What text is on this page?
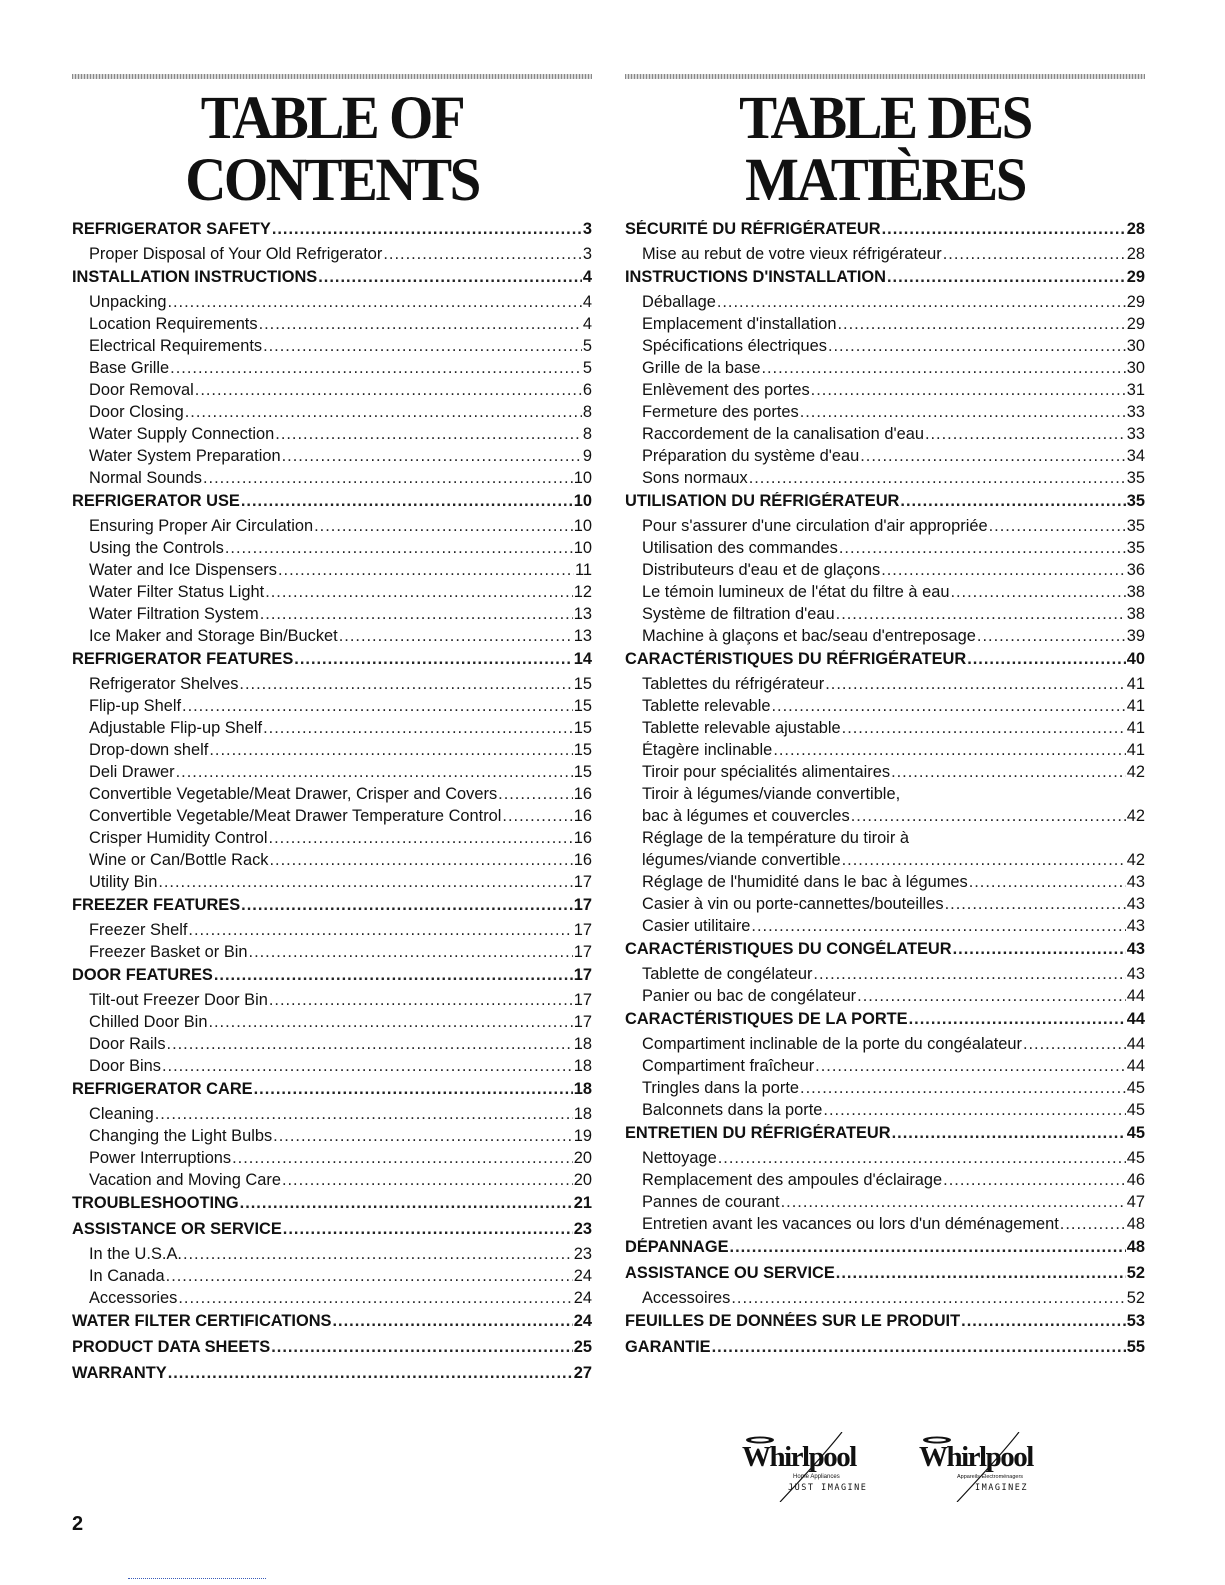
TABLE OF CONTENTS
REFRIGERATOR SAFETY .....	3
Proper Disposal of Your Old Refrigerator .....	3
INSTALLATION INSTRUCTIONS .....	4
Unpacking .....	4
Location Requirements .....	4
Electrical Requirements .....	5
Base Grille .....	5
Door Removal .....	6
Door Closing .....	8
Water Supply Connection .....	8
Water System Preparation .....	9
Normal Sounds .....	10
REFRIGERATOR USE .....	10
Ensuring Proper Air Circulation .....	10
Using the Controls .....	10
Water and Ice Dispensers .....	11
Water Filter Status Light .....	12
Water Filtration System .....	13
Ice Maker and Storage Bin/Bucket .....	13
REFRIGERATOR FEATURES .....	14
Refrigerator Shelves .....	15
Flip-up Shelf .....	15
Adjustable Flip-up Shelf .....	15
Drop-down shelf .....	15
Deli Drawer .....	15
Convertible Vegetable/Meat Drawer, Crisper and Covers .....	16
Convertible Vegetable/Meat Drawer Temperature Control .....	16
Crisper Humidity Control .....	16
Wine or Can/Bottle Rack .....	16
Utility Bin .....	17
FREEZER FEATURES .....	17
Freezer Shelf .....	17
Freezer Basket or Bin .....	17
DOOR FEATURES .....	17
Tilt-out Freezer Door Bin .....	17
Chilled Door Bin .....	17
Door Rails .....	18
Door Bins .....	18
REFRIGERATOR CARE .....	18
Cleaning .....	18
Changing the Light Bulbs .....	19
Power Interruptions .....	20
Vacation and Moving Care .....	20
TROUBLESHOOTING .....	21
ASSISTANCE OR SERVICE .....	23
In the U.S.A. .....	23
In Canada .....	24
Accessories .....	24
WATER FILTER CERTIFICATIONS .....	24
PRODUCT DATA SHEETS .....	25
WARRANTY .....	27
TABLE DES MATIÈRES
SÉCURITÉ DU RÉFRIGÉRATEUR .....	28
Mise au rebut de votre vieux réfrigérateur .....	28
INSTRUCTIONS D'INSTALLATION .....	29
Déballage .....	29
Emplacement d'installation .....	29
Spécifications électriques .....	30
Grille de la base .....	30
Enlèvement des portes .....	31
Fermeture des portes .....	33
Raccordement de la canalisation d'eau .....	33
Préparation du système d'eau .....	34
Sons normaux .....	35
UTILISATION DU RÉFRIGÉRATEUR .....	35
Pour s'assurer d'une circulation d'air appropriée .....	35
Utilisation des commandes .....	35
Distributeurs d'eau et de glaçons .....	36
Le témoin lumineux de l'état du filtre à eau .....	38
Système de filtration d'eau .....	38
Machine à glaçons et bac/seau d'entreposage .....	39
CARACTÉRISTIQUES DU RÉFRIGÉRATEUR .....	40
Tablettes du réfrigérateur .....	41
Tablette relevable .....	41
Tablette relevable ajustable .....	41
Étagère inclinable .....	41
Tiroir pour spécialités alimentaires .....	42
Tiroir à légumes/viande convertible,
bac à légumes et couvercles .....	42
Réglage de la température du tiroir à
légumes/viande convertible .....	42
Réglage de l'humidité dans le bac à légumes .....	43
Casier à vin ou porte-cannettes/bouteilles .....	43
Casier utilitaire .....	43
CARACTÉRISTIQUES DU CONGÉLATEUR .....	43
Tablette de congélateur .....	43
Panier ou bac de congélateur .....	44
CARACTÉRISTIQUES DE LA PORTE .....	44
Compartiment inclinable de la porte du congéalateur .....	44
Compartiment fraîcheur .....	44
Tringles dans la porte .....	45
Balconnets dans la porte .....	45
ENTRETIEN DU RÉFRIGÉRATEUR .....	45
Nettoyage .....	45
Remplacement des ampoules d'éclairage .....	46
Pannes de courant .....	47
Entretien avant les vacances ou lors d'un déménagement .....	48
DÉPANNAGE .....	48
ASSISTANCE OU SERVICE .....	52
Accessoires .....	52
FEUILLES DE DONNÉES SUR LE PRODUIT .....	53
GARANTIE .....	55
Whirlpool
Home Appliances
JUST IMAGINE
Whirlpool
Appareils Électroménagers
IMAGINEZ
2
